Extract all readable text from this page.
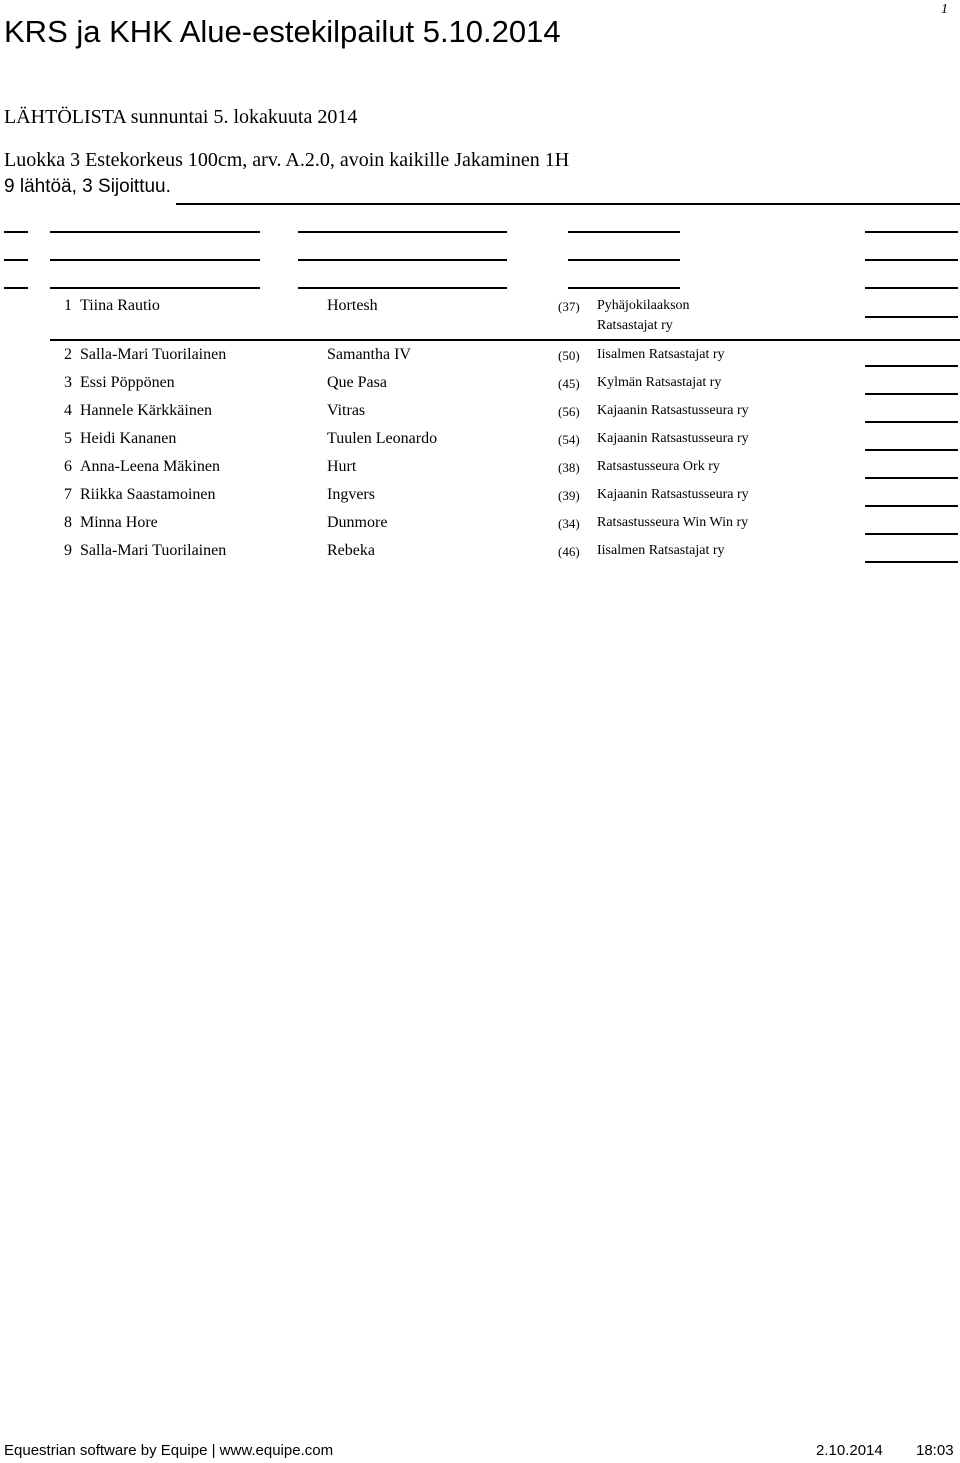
1
KRS ja KHK Alue-estekilpailut 5.10.2014
LÄHTÖLISTA sunnuntai 5. lokakuuta 2014
Luokka 3 Estekorkeus 100cm, arv. A.2.0, avoin kaikille Jakaminen 1H
9 lähtöä, 3 Sijoittuu.
1 Tiina Rautio	Hortesh	(37) Pyhäjokilaakson
Ratsastajat ry
2 Salla-Mari Tuorilainen	Samantha IV	(50) Iisalmen Ratsastajat ry
3 Essi Pöppönen	Que Pasa	(45) Kylmän Ratsastajat ry
4 Hannele Kärkkäinen	Vitras	(56) Kajaanin Ratsastusseura ry
5 Heidi Kananen	Tuulen Leonardo	(54) Kajaanin Ratsastusseura ry
6 Anna-Leena Mäkinen	Hurt	(38) Ratsastusseura Ork ry
7 Riikka Saastamoinen	Ingvers	(39) Kajaanin Ratsastusseura ry
8 Minna Hore	Dunmore	(34) Ratsastusseura Win Win ry
9 Salla-Mari Tuorilainen	Rebeka	(46) Iisalmen Ratsastajat ry
Equestrian software by Equipe | www.equipe.com	2.10.2014 18:03
